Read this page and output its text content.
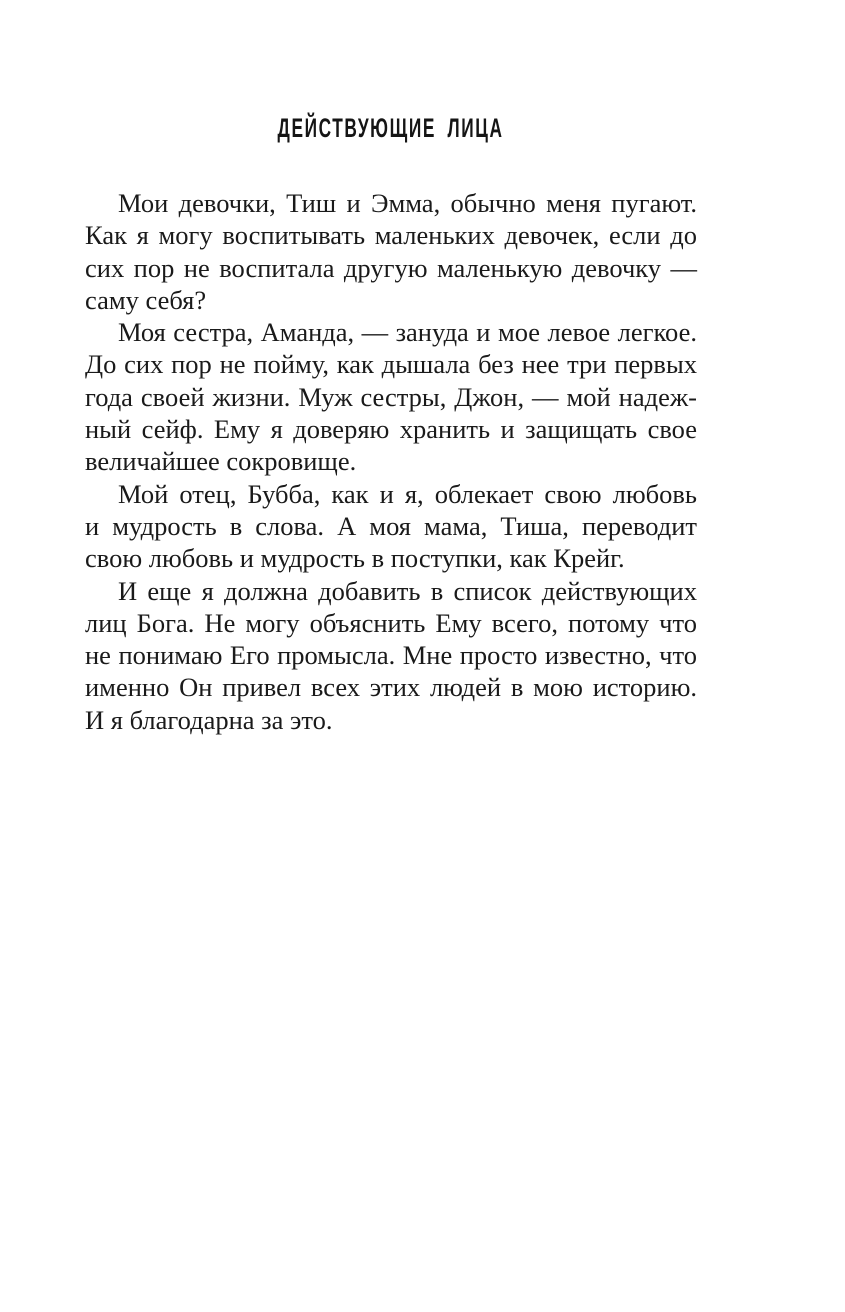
ДЕЙСТВУЮЩИЕ ЛИЦА

Мои девочки, Тиш и Эмма, обычно меня пугают.
Как я могу воспитывать маленьких девочек, если до
сих пор не воспитала другую маленькую девочку —
саму себя?

Моя сестра, Аманда, — зануда и мое левое легкое.
До сих пор не пойму, как дышала без нее три первых
года своей жизни. Муж сестры, Джон, — мой надеж-
ный сейф. Ему я доверяю хранить и защищать свое
величайшее сокровище.

Мой отец, Бубба, как и я, облекает свою любовь
и мудрость в слова. А моя мама, Тиша, переводит
свою любовь и мудрость в поступки, как Крейг.

И еще я должна добавить в список действующих
лиц Бога. Не могу объяснить Ему всего, потому что
не понимаю Его промысла. Мне просто известно, что
именно Он привел всех этих людей в мою историю.
И я благодарна за это.
